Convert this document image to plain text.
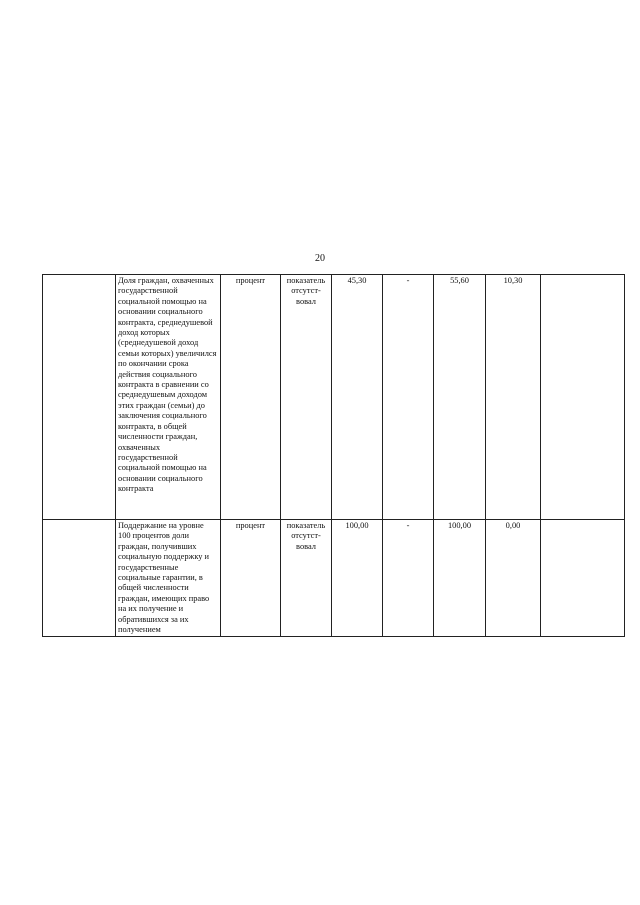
20

	Доля граждан, охваченных государственной социальной помощью на основании социального контракта, среднедушевой доход которых (среднедушевой доход семьи которых) увеличился по окончании срока действия социального контракта в сравнении со среднедушевым доходом этих граждан (семьи) до заключения социального контракта, в общей численности граждан, охваченных государственной социальной помощью на основании социального контракта	процент	показатель отсутст- вовал	45,30	-	55,60	10,30	

	Поддержание на уровне 100 процентов доли граждан, получивших социальную поддержку и государственные социальные гарантии, в общей численности граждан, имеющих право на их получение и обратившихся за их получением	процент	показатель отсутст- вовал	100,00	-	100,00	0,00	
